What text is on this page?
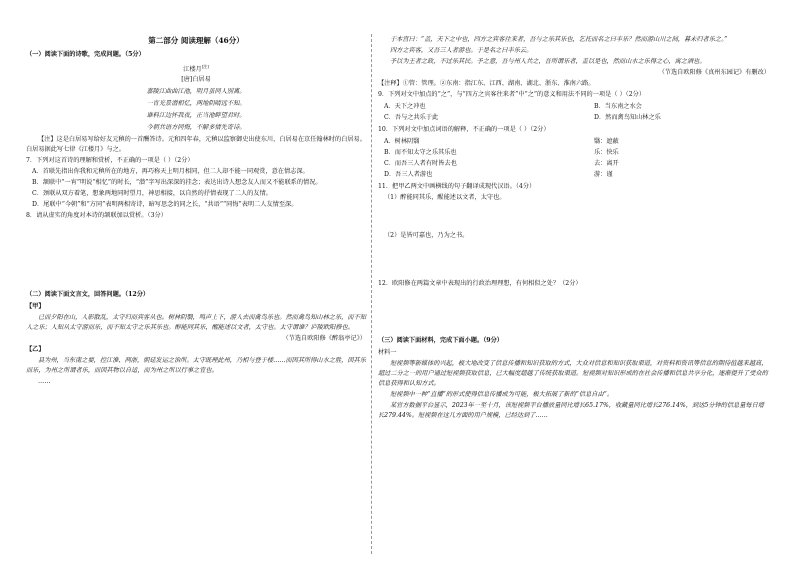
第二部分 阅读理解（46分）
（一）阅读下面的诗歌，完成问题。（5分）
江楼月[注]
[唐]白居易
嘉陵江曲曲江池，明月虽同人别离。
一宵光景潜相忆，两地阴晴远不知。
谁料江边怀我夜，正当池畔望君时。
今朝共语方同悔，不解多情先寄诗。

【注】这是白居易写给好友元稹的一首酬答诗。元和四年春，元稹以监察御史出使东川，白居易在京任翰林时的白居易。白居易据此写七律《江楼月》与之。

7．下列对这首诗的理解和赏析，不正确的一项是（ ）（2分）

A．首联先指出你我和元稹所在的地方，再巧称天上明月相同，但二人却不能一同观赏，意在情志深。

B．颔联中“一宵”明说“相忆”的时长，“潜”字写出深深的挂念；表达出诗人想念友人而又不能联系的情况。

C．颈联从双方着笔，想象两地同时望月，神思相接，以自然的抒情表现了二人的友情。

D．尾联中“今朝”和“方同”表明两相寄诗，暗写思念的同之长，“共语”“同悔”表明二人友情至深。

8．请从虚实的角度对本诗的颔联加以赏析。（3分）

（二）阅读下面文言文，回答问题。（12分）
【甲】

已而夕阳在山，人影散乱，太守归而宾客从也。树林阴翳，鸣声上下，游人去而禽鸟乐也。然而禽鸟知山林之乐，而不知人之乐；人知从太守游而乐，而不知太守之乐其乐也。醉能同其乐，醒能述以文者，太守也。太守谓谁？庐陵欧阳修也。

（节选自欧阳修《醉翁亭记》）

【乙】

县为州，当东南之要，控江淮、两浙，朝廷发运之治所。太守既理此州，乃相与登于楼……而因其所得山水之胜，因其乐而乐，为州之所谓者乐，而因其物以自适，而为州之所以行事之宜也。

……

于本宫曰：“盖，天下之中也，四方之宾客往来者，吾与之乐其乐也，乞托而名之曰丰乐？然而游山川之间，暮未归者乐之。”

四方之宾客，又吾三人者游也。于是名之曰丰乐云。

予以为王者之政，不过乐其民。予之意，吾与州人共之，吾所谓乐者，盖以是也，然而山水之乐得之心，寓之酒也。

（节选自欧阳修《真州东园记》有删改）

【注释】①管：管理。②东南：指江东、江西、湖南、湖北、浙东、淮南六路。

9．下列对文中加点的“之”，与“四方之宾客往来者”中“之”的意义和用法不同的一项是（ ）（2分）

A．天下之冲也

C．吾与之共乐于此

B．当东南之水会

D．然而禽鸟知山林之乐

10．下列对文中加点词语的解释，不正确的一项是（ ）（2分）

A．树林阴翳

B．而不知太守之乐其乐也

C．而吾三人者有时皆去也

D．吾三人者游也

翳：遮蔽

乐：快乐

去：离开

游：谨

11．把甲乙两文中画横线的句子翻译成现代汉语。（4分）

（1）醉能同其乐，醒能述以文者，太守也。

（2）是皆可嘉也，乃为之书。

12．欧阳修在两篇文章中表现出的行政治理理想，有何相似之处？（2分）

（三）阅读下面材料，完成下面小题。（9分）

材料一

短视频等新媒体的兴起，极大地改变了信息传播和知识获取的方式，大众对信息和知识获取渠道，对资料和资讯等信息的期待值越来越高，超过二分之一的用户通过短视频获取信息，已大幅度超越了传统获取渠道。短视频对知识形成的在社会传播和信息共享分化，逐渐提升了受众的信息获得和认知方式。

短视频中一种“直播”的形式使得信息传播成为可能，极大拓展了新的“信息自由”。

某官方数据平台显示，2023年一至十月，该短视频平台播放量同比增长65.17%，收藏量同比增长276.14%，到达5分钟的信息量每日增长279.44%。短视频在这几方面的用户规模，已经达到了……
